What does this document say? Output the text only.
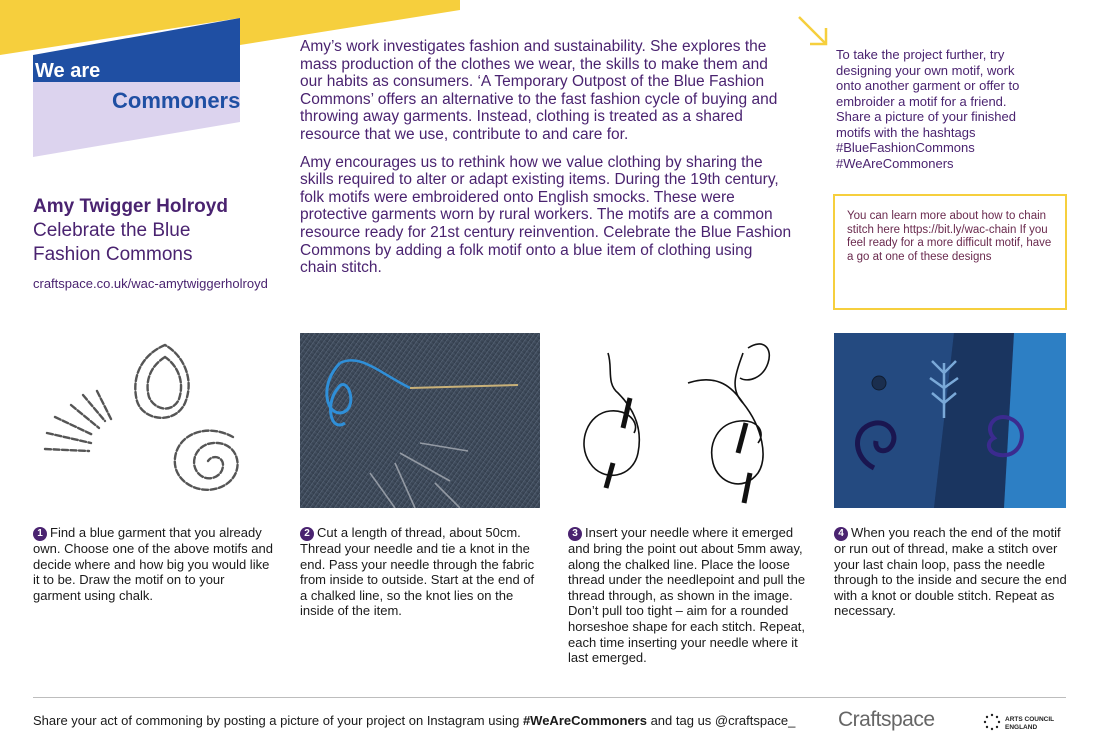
We are
Commoners
Amy Twigger Holroyd
Celebrate the Blue
Fashion Commons
craftspace.co.uk/wac-amytwiggerholroyd

Amy’s work investigates fashion and sustainability. She explores the mass production of the clothes we wear, the skills to make them and our habits as consumers. ‘A Temporary Outpost of the Blue Fashion Commons’ offers an alternative to the fast fashion cycle of buying and throwing away garments. Instead, clothing is treated as a shared resource that we use, contribute to and care for.

Amy encourages us to rethink how we value clothing by sharing the skills required to alter or adapt existing items. During the 19th century, folk motifs were embroidered onto English smocks. These were protective garments worn by rural workers. The motifs are a common resource ready for 21st century reinvention. Celebrate the Blue Fashion Commons by adding a folk motif onto a blue item of clothing using chain stitch.

To take the project further, try designing your own motif, work onto another garment or offer to embroider a motif for a friend. Share a picture of your finished motifs with the hashtags #BlueFashionCommons #WeAreCommoners
You can learn more about how to chain stitch here https://bit.ly/wac-chain If you feel ready for a more difficult motif, have a go at one of these designs
1 Find a blue garment that you already own. Choose one of the above motifs and decide where and how big you would like it to be. Draw the motif on to your garment using chalk.
2 Cut a length of thread, about 50cm. Thread your needle and tie a knot in the end. Pass your needle through the fabric from inside to outside. Start at the end of a chalked line, so the knot lies on the inside of the item.
3 Insert your needle where it emerged and bring the point out about 5mm away, along the chalked line. Place the loose thread under the needlepoint and pull the thread through, as shown in the image. Don’t pull too tight – aim for a rounded horseshoe shape for each stitch. Repeat, each time inserting your needle where it last emerged.
4 When you reach the end of the motif or run out of thread, make a stitch over your last chain loop, pass the needle through to the inside and secure the end with a knot or double stitch. Repeat as necessary.
Share your act of commoning by posting a picture of your project on Instagram using #WeAreCommoners and tag us @craftspace_ Craftspace	ARTS COUNCIL
ENGLAND
